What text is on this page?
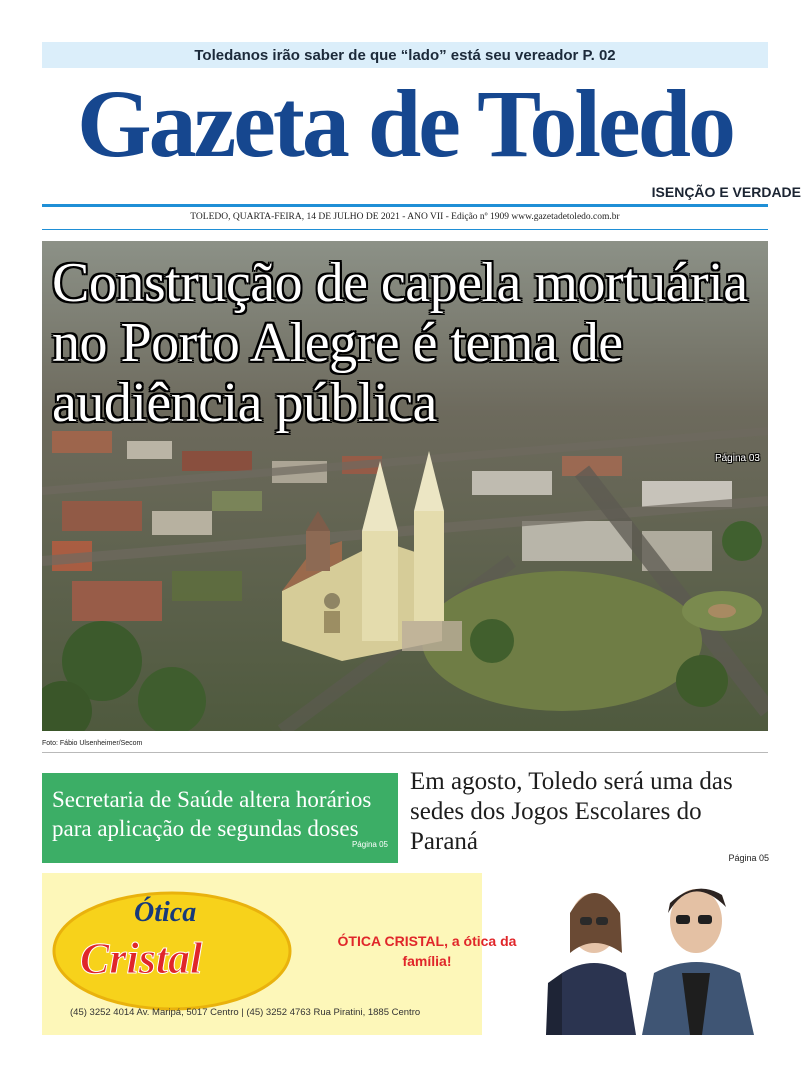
Toledanos irão saber de que “lado” está seu vereador P. 02
Gazeta de Toledo
ISENÇÃO E VERDADE
TOLEDO, QUARTA-FEIRA, 14 DE JULHO DE 2021 - ANO VII - Edição nº 1909 www.gazetadetoledo.com.br
Construção de capela mortuária no Porto Alegre é tema de audiência pública
Página 03
Foto: Fábio Ulsenheimer/Secom
Secretaria de Saúde altera horários para aplicação de segundas doses
Página 05
Em agosto, Toledo será uma das sedes dos Jogos Escolares do Paraná
Página 05
Ótica
Cristal	ÓTICA CRISTAL, a ótica da família!
(45) 3252 4014 Av. Maripá, 5017 Centro | (45) 3252 4763 Rua Piratini, 1885 Centro
